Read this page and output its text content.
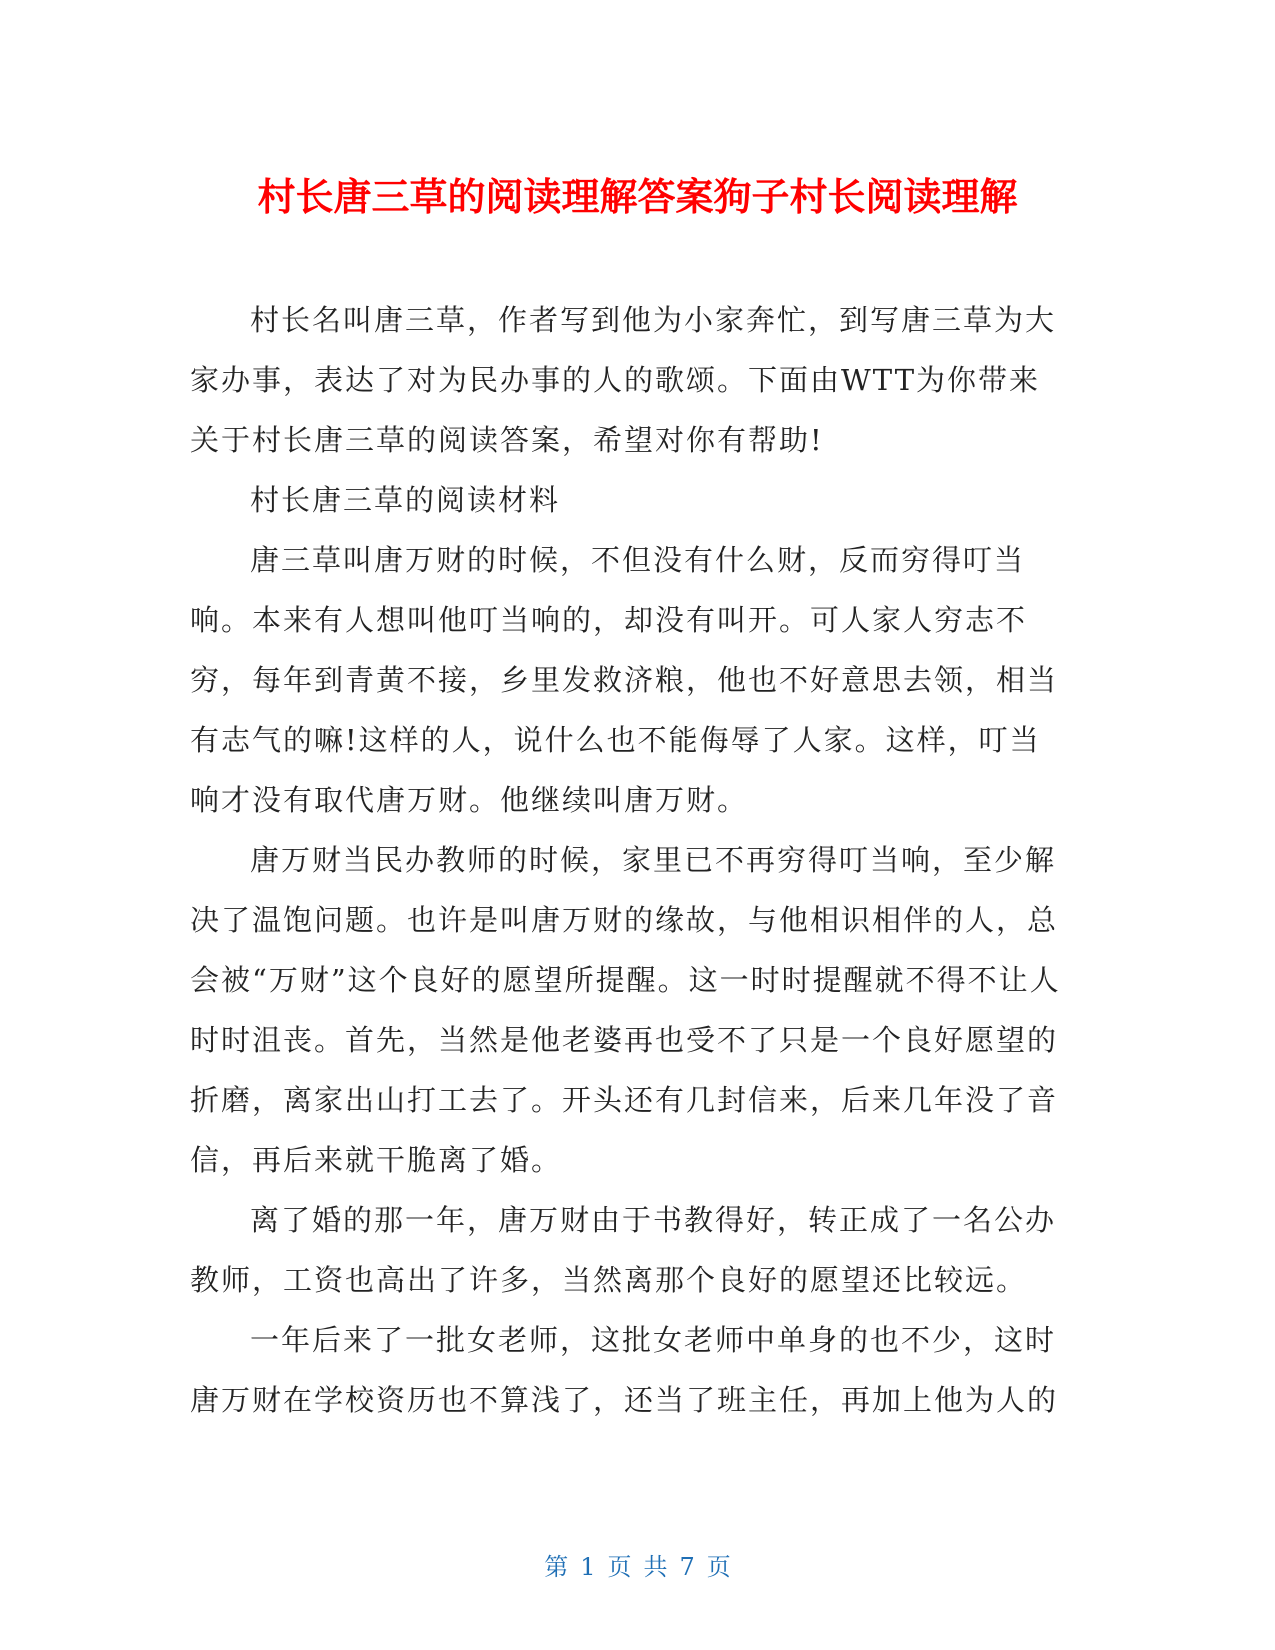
村长唐三草的阅读理解答案狗子村长阅读理解

村长名叫唐三草，作者写到他为小家奔忙，到写唐三草为大家办事，表达了对为民办事的人的歌颂。下面由WTT为你带来关于村长唐三草的阅读答案，希望对你有帮助!

村长唐三草的阅读材料

唐三草叫唐万财的时候，不但没有什么财，反而穷得叮当响。本来有人想叫他叮当响的，却没有叫开。可人家人穷志不穷，每年到青黄不接，乡里发救济粮，他也不好意思去领，相当有志气的嘛!这样的人，说什么也不能侮辱了人家。这样，叮当响才没有取代唐万财。他继续叫唐万财。

唐万财当民办教师的时候，家里已不再穷得叮当响，至少解决了温饱问题。也许是叫唐万财的缘故，与他相识相伴的人，总会被“万财”这个良好的愿望所提醒。这一时时提醒就不得不让人时时沮丧。首先，当然是他老婆再也受不了只是一个良好愿望的折磨，离家出山打工去了。开头还有几封信来，后来几年没了音信，再后来就干脆离了婚。

离了婚的那一年，唐万财由于书教得好，转正成了一名公办教师，工资也高出了许多，当然离那个良好的愿望还比较远。

一年后来了一批女老师，这批女老师中单身的也不少，这时唐万财在学校资历也不算浅了，还当了班主任，再加上他为人的

第 1 页 共 7 页
